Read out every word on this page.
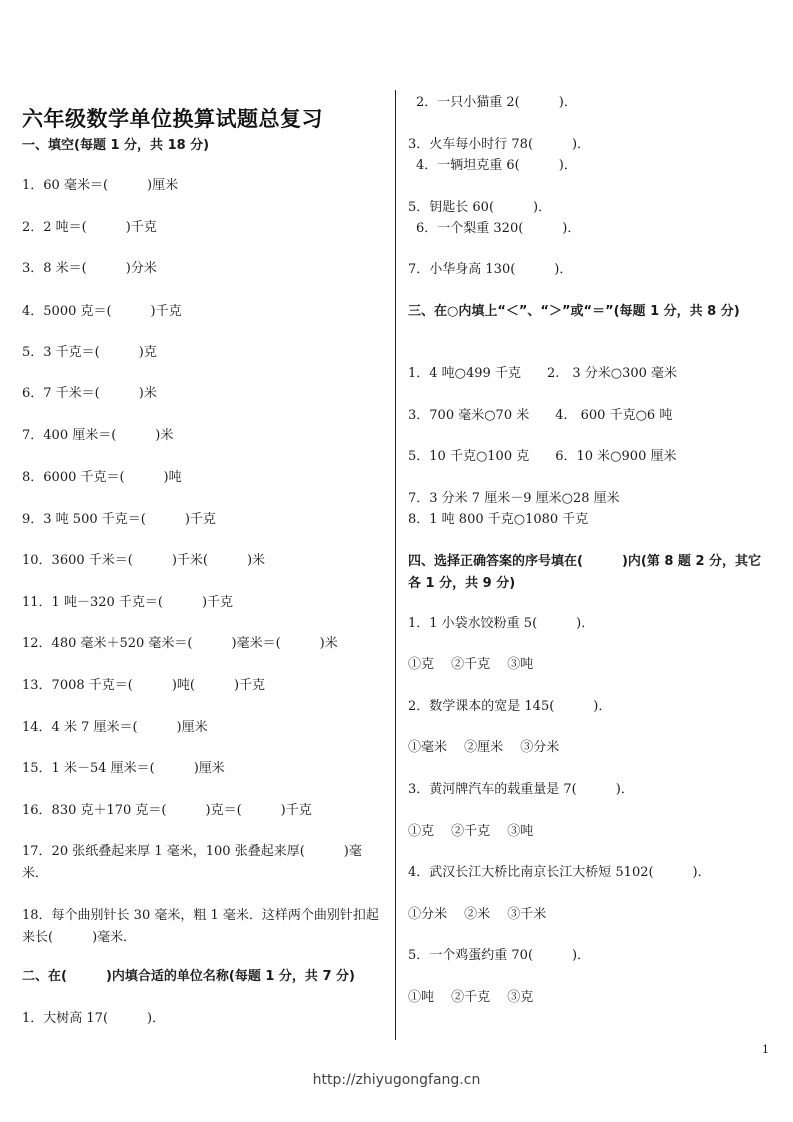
六年级数学单位换算试题总复习
一、填空(每题 1 分，共 18 分)
1．60 毫米＝(　　　)厘米
2．2 吨＝(　　　)千克
3．8 米＝(　　　)分米
4．5000 克＝(　　　)千克
5．3 千克＝(　　　)克
6．7 千米＝(　　　)米
7．400 厘米＝(　　　)米
8．6000 千克＝(　　　)吨
9．3 吨 500 千克＝(　　　)千克
10．3600 千米＝(　　　)千米(　　　)米
11．1 吨－320 千克＝(　　　)千克
12．480 毫米＋520 毫米＝(　　　)毫米＝(　　　)米
13．7008 千克＝(　　　)吨(　　　)千克
14．4 米 7 厘米＝(　　　)厘米
15．1 米－54 厘米＝(　　　)厘米
16．830 克＋170 克＝(　　　)克＝(　　　)千克
17．20 张纸叠起来厚 1 毫米，100 张叠起来厚(　　　)毫米．
18．每个曲别针长 30 毫米，粗 1 毫米．这样两个曲别针扣起来长(　　　)毫米．
二、在(　　　)内填合适的单位名称(每题 1 分，共 7 分)
1．大树高 17(　　　)．
2．一只小猫重 2(　　　)．
3．火车每小时行 78(　　　)．
4．一辆坦克重 6(　　　)．
5．钥匙长 60(　　　)．
6．一个梨重 320(　　　)．
7．小华身高 130(　　　)．
三、在○内填上“＜”、“＞”或“＝”(每题 1 分，共 8 分)
1．4 吨○499 千克　　2.　3 分米○300 毫米
3．700 毫米○70 米　　4.　600 千克○6 吨
5．10 千克○100 克　　6．10 米○900 厘米
7．3 分米 7 厘米－9 厘米○28 厘米
8．1 吨 800 千克○1080 千克
四、选择正确答案的序号填在(　　　)内(第 8 题 2 分，其它各 1 分，共 9 分)
1．1 小袋水饺粉重 5(　　　)．
①克　 ②千克　 ③吨
2．数学课本的宽是 145(　　　)．
①毫米　 ②厘米　 ③分米
3．黄河牌汽车的载重量是 7(　　　)．
①克　 ②千克　 ③吨
4．武汉长江大桥比南京长江大桥短 5102(　　　)．
①分米　 ②米　 ③千米
5．一个鸡蛋约重 70(　　　)．
①吨　 ②千克　 ③克
1
http://zhiyugongfang.cn
